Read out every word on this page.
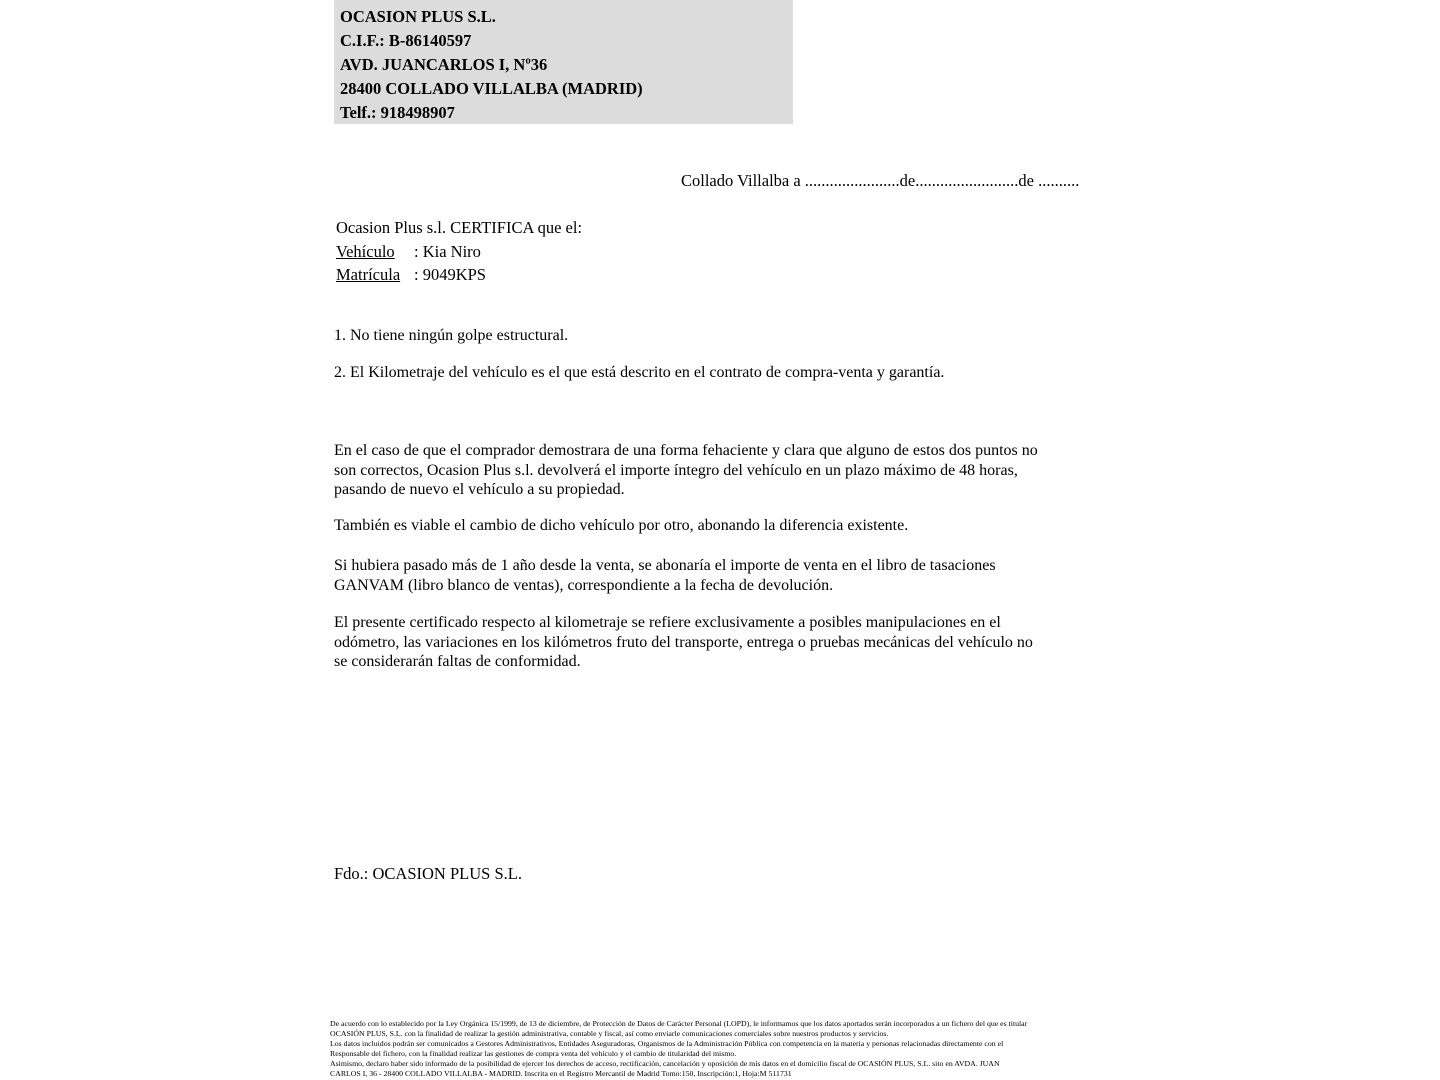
OCASION PLUS S.L.
C.I.F.: B-86140597
AVD. JUANCARLOS I, Nº36
28400 COLLADO VILLALBA (MADRID)
Telf.: 918498907
Collado Villalba a .......................de.........................de ..........
Ocasion Plus s.l. CERTIFICA que el:
Vehículo : Kia Niro
Matrícula : 9049KPS
1. No tiene ningún golpe estructural.
2. El Kilometraje del vehículo es el que está descrito en el contrato de compra-venta y garantía.
En el caso de que el comprador demostrara de una forma fehaciente y clara que alguno de estos dos puntos no
son correctos, Ocasion Plus s.l. devolverá el importe íntegro del vehículo en un plazo máximo de 48 horas,
pasando de nuevo el vehículo a su propiedad.
También es viable el cambio de dicho vehículo por otro, abonando la diferencia existente.
Si hubiera pasado más de 1 año desde la venta, se abonaría el importe de venta en el libro de tasaciones
GANVAM (libro blanco de ventas), correspondiente a la fecha de devolución.
El presente certificado respecto al kilometraje se refiere exclusivamente a posibles manipulaciones en el
odómetro, las variaciones en los kilómetros fruto del transporte, entrega o pruebas mecánicas del vehículo no
se considerarán faltas de conformidad.
Fdo.: OCASION PLUS S.L.
De acuerdo con lo establecido por la Ley Orgánica 15/1999, de 13 de diciembre, de Protección de Datos de Carácter Personal (LOPD), le informamos que los datos aportados serán incorporados a un fichero del que es titular
OCASIÓN PLUS, S.L. con la finalidad de realizar la gestión administrativa, contable y fiscal, así como enviarle comunicaciones comerciales sobre nuestros productos y servicios.
Los datos incluidos podrán ser comunicados a Gestores Administrativos, Entidades Aseguradoras, Organismos de la Administración Pública con competencia en la materia y personas relacionadas directamente con el
Responsable del fichero, con la finalidad realizar las gestiones de compra venta del vehículo y el cambio de titularidad del mismo.
Asimismo, declaro haber sido informado de la posibilidad de ejercer los derechos de acceso, rectificación, cancelación y oposición de mis datos en el domicilio fiscal de OCASIÓN PLUS, S.L. sito en AVDA. JUAN
CARLOS I, 36 - 28400 COLLADO VILLALBA - MADRID. Inscrita en el Registro Mercantil de Madrid Tomo:150, Inscripción:1, Hoja:M 511731
